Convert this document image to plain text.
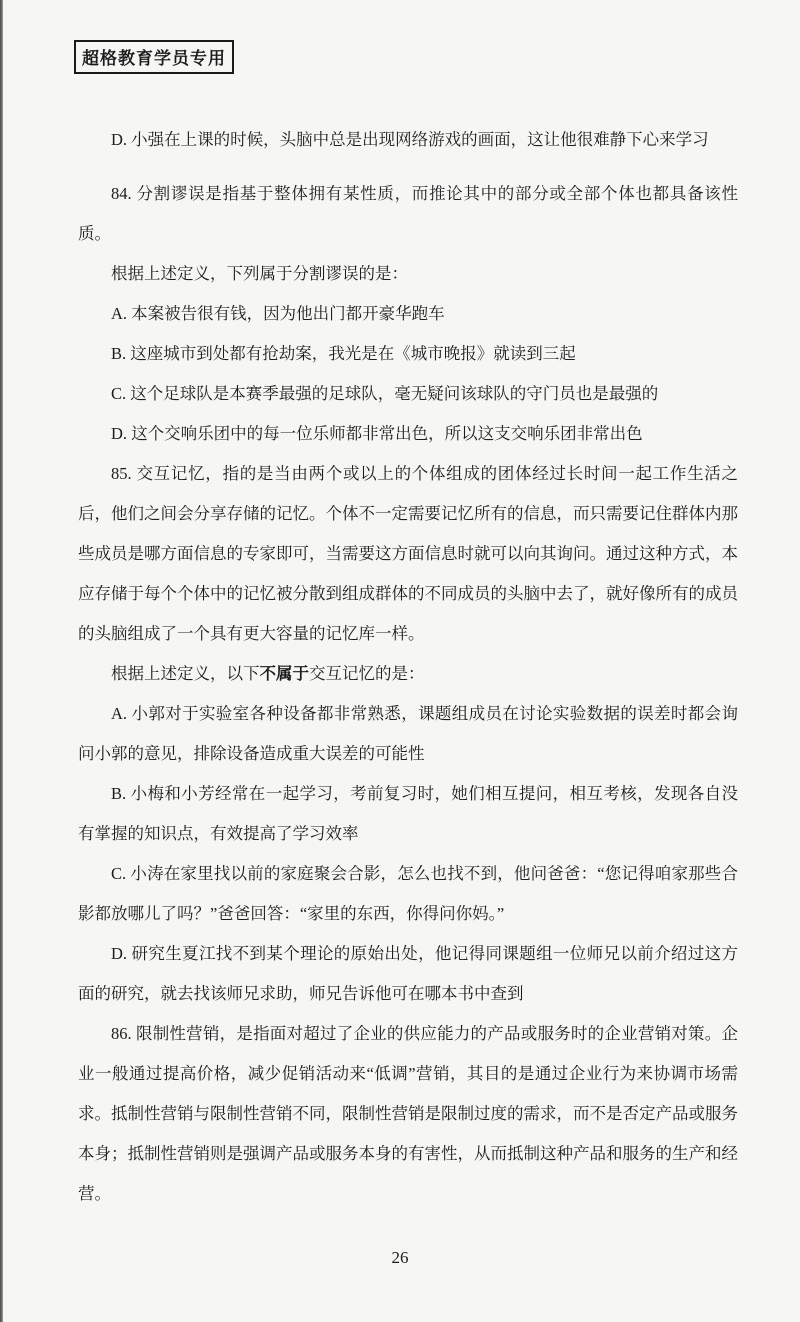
超格教育学员专用

D. 小强在上课的时候，头脑中总是出现网络游戏的画面，这让他很难静下心来学习

84. 分割谬误是指基于整体拥有某性质，而推论其中的部分或全部个体也都具备该性质。

根据上述定义，下列属于分割谬误的是：

A. 本案被告很有钱，因为他出门都开豪华跑车

B. 这座城市到处都有抢劫案，我光是在《城市晚报》就读到三起

C. 这个足球队是本赛季最强的足球队，毫无疑问该球队的守门员也是最强的

D. 这个交响乐团中的每一位乐师都非常出色，所以这支交响乐团非常出色

85. 交互记忆，指的是当由两个或以上的个体组成的团体经过长时间一起工作生活之后，他们之间会分享存储的记忆。个体不一定需要记忆所有的信息，而只需要记住群体内那些成员是哪方面信息的专家即可，当需要这方面信息时就可以向其询问。通过这种方式，本应存储于每个个体中的记忆被分散到组成群体的不同成员的头脑中去了，就好像所有的成员的头脑组成了一个具有更大容量的记忆库一样。

根据上述定义，以下不属于交互记忆的是：

A. 小郭对于实验室各种设备都非常熟悉，课题组成员在讨论实验数据的误差时都会询问小郭的意见，排除设备造成重大误差的可能性

B. 小梅和小芳经常在一起学习，考前复习时，她们相互提问，相互考核，发现各自没有掌握的知识点，有效提高了学习效率

C. 小涛在家里找以前的家庭聚会合影，怎么也找不到，他问爸爸：“您记得咱家那些合影都放哪儿了吗？”爸爸回答：“家里的东西，你得问你妈。”

D. 研究生夏江找不到某个理论的原始出处，他记得同课题组一位师兄以前介绍过这方面的研究，就去找该师兄求助，师兄告诉他可在哪本书中查到

86. 限制性营销，是指面对超过了企业的供应能力的产品或服务时的企业营销对策。企业一般通过提高价格，减少促销活动来“低调”营销，其目的是通过企业行为来协调市场需求。抵制性营销与限制性营销不同，限制性营销是限制过度的需求，而不是否定产品或服务本身；抵制性营销则是强调产品或服务本身的有害性，从而抵制这种产品和服务的生产和经营。

26
